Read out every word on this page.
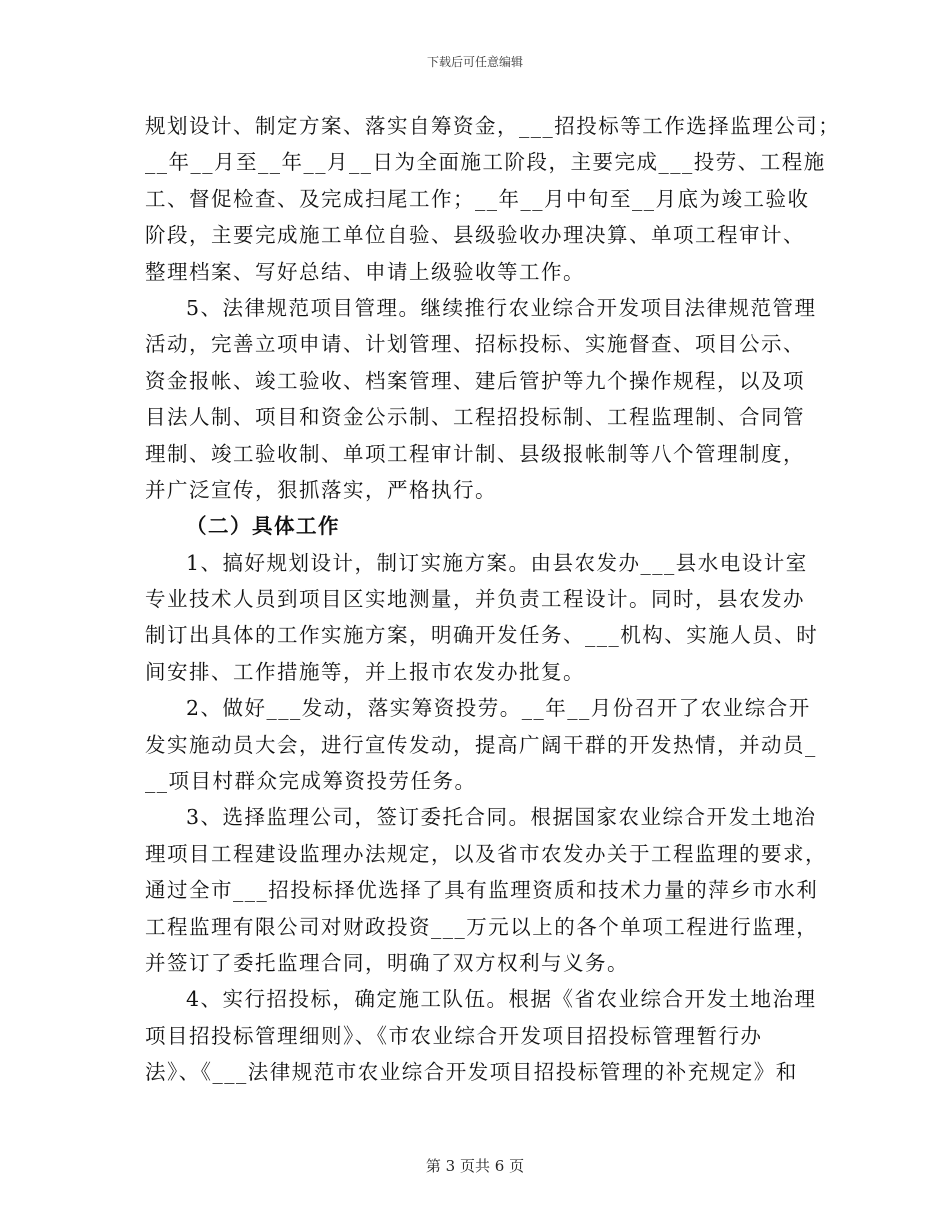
下载后可任意编辑
规划设计、制定方案、落实自筹资金，___招投标等工作选择监理公司；
__年__月至__年__月__日为全面施工阶段，主要完成___投劳、工程施
工、督促检查、及完成扫尾工作；__年__月中旬至__月底为竣工验收
阶段，主要完成施工单位自验、县级验收办理决算、单项工程审计、
整理档案、写好总结、申请上级验收等工作。
5、法律规范项目管理。继续推行农业综合开发项目法律规范管理
活动，完善立项申请、计划管理、招标投标、实施督查、项目公示、
资金报帐、竣工验收、档案管理、建后管护等九个操作规程，以及项
目法人制、项目和资金公示制、工程招投标制、工程监理制、合同管
理制、竣工验收制、单项工程审计制、县级报帐制等八个管理制度，
并广泛宣传，狠抓落实，严格执行。
（二）具体工作
1、搞好规划设计，制订实施方案。由县农发办___县水电设计室
专业技术人员到项目区实地测量，并负责工程设计。同时，县农发办
制订出具体的工作实施方案，明确开发任务、___机构、实施人员、时
间安排、工作措施等，并上报市农发办批复。
2、做好___发动，落实筹资投劳。__年__月份召开了农业综合开
发实施动员大会，进行宣传发动，提高广阔干群的开发热情，并动员_
__项目村群众完成筹资投劳任务。
3、选择监理公司，签订委托合同。根据国家农业综合开发土地治
理项目工程建设监理办法规定，以及省市农发办关于工程监理的要求，
通过全市___招投标择优选择了具有监理资质和技术力量的萍乡市水利
工程监理有限公司对财政投资___万元以上的各个单项工程进行监理，
并签订了委托监理合同，明确了双方权利与义务。
4、实行招投标，确定施工队伍。根据《省农业综合开发土地治理
项目招投标管理细则》、《市农业综合开发项目招投标管理暂行办
法》、《___法律规范市农业综合开发项目招投标管理的补充规定》和
第 3 页共 6 页
